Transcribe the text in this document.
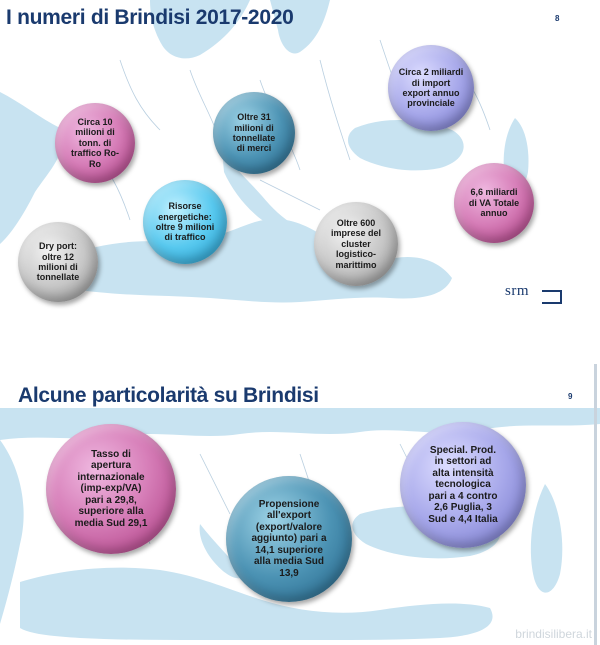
I numeri di Brindisi 2017-2020	8
Circa 10
milioni di
tonn. di
traffico Ro-
Ro
Oltre 31
milioni di
tonnellate
di merci
Circa 2 miliardi
di import
export annuo
provinciale
Risorse
energetiche:
oltre 9 milioni
di traffico
6,6 miliardi
di VA Totale
annuo
Dry port:
oltre 12
milioni di
tonnellate
Oltre 600
imprese del
cluster
logistico-
marittimo
srm
Alcune particolarità su Brindisi	9
Tasso di
apertura
internazionale
(imp-exp/VA)
pari a 29,8,
superiore alla
media Sud 29,1
Propensione
all'export
(export/valore
aggiunto) pari a
14,1 superiore
alla media Sud
13,9
Special. Prod.
in settori ad
alta intensità
tecnologica
pari a 4 contro
2,6 Puglia, 3
Sud e 4,4 Italia
brindisilibera.it
